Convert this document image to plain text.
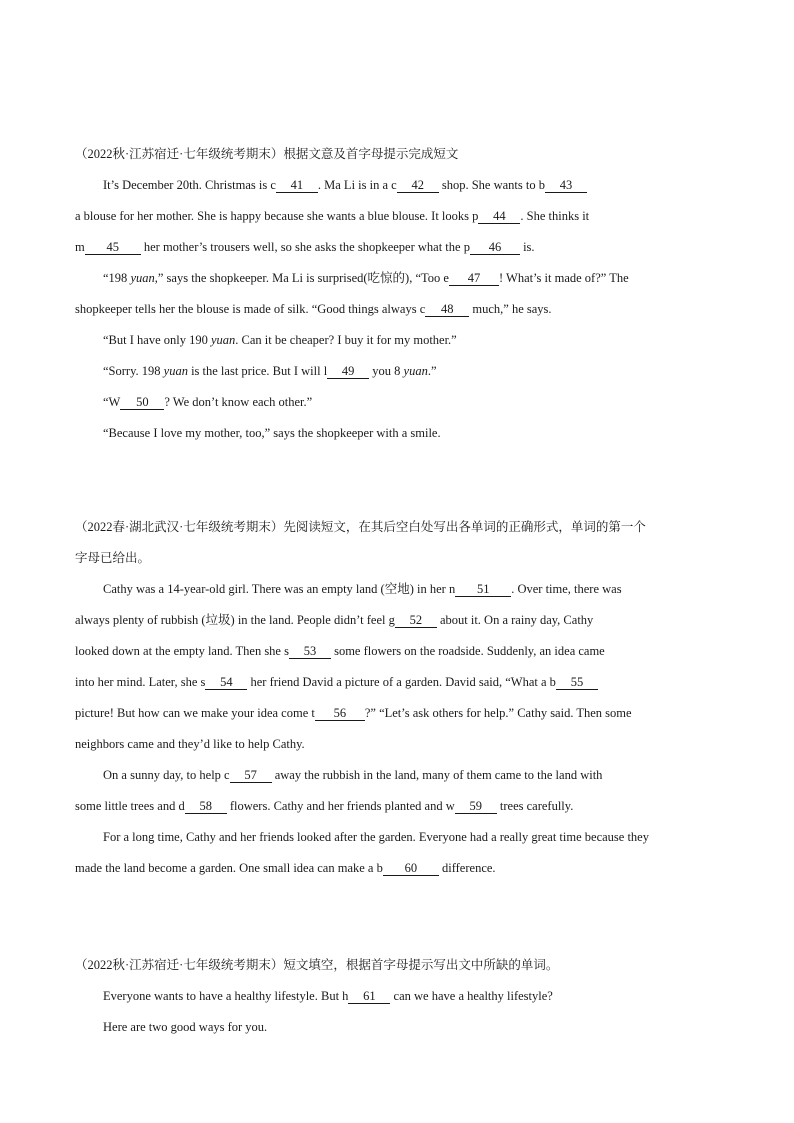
（2022秋·江苏宿迁·七年级统考期末）根据文意及首字母提示完成短文

It’s December 20th. Christmas is c 41 . Ma Li is in a c 42 shop. She wants to b 43

a blouse for her mother. She is happy because she wants a blue blouse. It looks p 44 . She thinks it

m 45 her mother’s trousers well, so she asks the shopkeeper what the p 46 is.

“198 yuan,” says the shopkeeper. Ma Li is surprised(吃惊的), “Too e 47 ! What’s it made of?” The

shopkeeper tells her the blouse is made of silk. “Good things always c 48 much,” he says.

“But I have only 190 yuan. Can it be cheaper? I buy it for my mother.”

“Sorry. 198 yuan is the last price. But I will l 49 you 8 yuan.”

“W 50 ? We don’t know each other.”

“Because I love my mother, too,” says the shopkeeper with a smile.

（2022春·湖北武汉·七年级统考期末）先阅读短文，在其后空白处写出各单词的正确形式，单词的第一个

字母已给出。

Cathy was a 14-year-old girl. There was an empty land (空地) in her n 51 . Over time, there was

always plenty of rubbish (垃圾) in the land. People didn’t feel g 52 about it. On a rainy day, Cathy

looked down at the empty land. Then she s 53 some flowers on the roadside. Suddenly, an idea came

into her mind. Later, she s 54 her friend David a picture of a garden. David said, “What a b 55

picture! But how can we make your idea come t 56 ?” “Let’s ask others for help.” Cathy said. Then some

neighbors came and they’d like to help Cathy.

On a sunny day, to help c 57 away the rubbish in the land, many of them came to the land with

some little trees and d 58 flowers. Cathy and her friends planted and w 59 trees carefully.

For a long time, Cathy and her friends looked after the garden. Everyone had a really great time because they

made the land become a garden. One small idea can make a b 60 difference.

（2022秋·江苏宿迁·七年级统考期末）短文填空，根据首字母提示写出文中所缺的单词。

Everyone wants to have a healthy lifestyle. But h 61 can we have a healthy lifestyle?

Here are two good ways for you.
